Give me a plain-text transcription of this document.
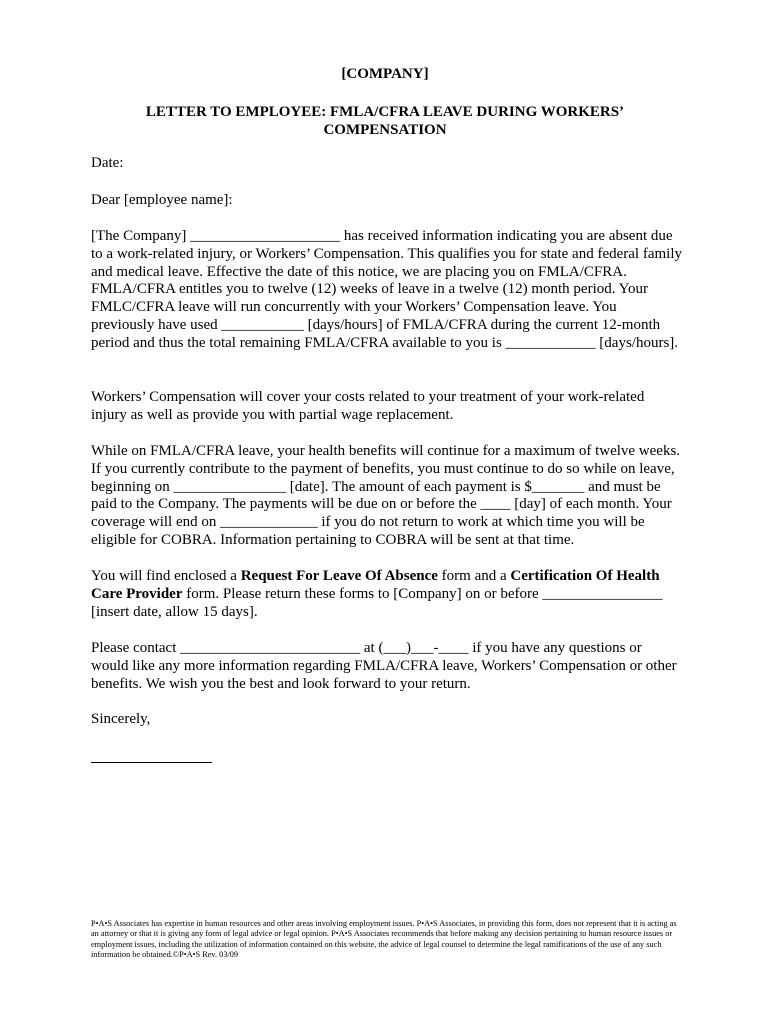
[COMPANY]
LETTER TO EMPLOYEE: FMLA/CFRA LEAVE DURING WORKERS’ COMPENSATION

Date:

Dear [employee name]:

[The Company] ____________________ has received information indicating you are absent due to a work-related injury, or Workers’ Compensation. This qualifies you for state and federal family and medical leave. Effective the date of this notice, we are placing you on FMLA/CFRA. FMLA/CFRA entitles you to twelve (12) weeks of leave in a twelve (12) month period. Your FMLC/CFRA leave will run concurrently with your Workers’ Compensation leave. You previously have used ___________ [days/hours] of FMLA/CFRA during the current 12-month period and thus the total remaining FMLA/CFRA available to you is ____________ [days/hours].

Workers’ Compensation will cover your costs related to your treatment of your work-related injury as well as provide you with partial wage replacement.

While on FMLA/CFRA leave, your health benefits will continue for a maximum of twelve weeks. If you currently contribute to the payment of benefits, you must continue to do so while on leave, beginning on _______________ [date]. The amount of each payment is $_______ and must be paid to the Company. The payments will be due on or before the ____ [day] of each month. Your coverage will end on _____________ if you do not return to work at which time you will be eligible for COBRA. Information pertaining to COBRA will be sent at that time.

You will find enclosed a Request For Leave Of Absence form and a Certification Of Health Care Provider form. Please return these forms to [Company] on or before ________________ [insert date, allow 15 days].

Please contact ________________________ at (___)___-____ if you have any questions or would like any more information regarding FMLA/CFRA leave, Workers’ Compensation or other benefits. We wish you the best and look forward to your return.

Sincerely,

P•A•S Associates has expertise in human resources and other areas involving employment issues. P•A•S Associates, in providing this form, does not represent that it is acting as an attorney or that it is giving any form of legal advice or legal opinion. P•A•S Associates recommends that before making any decision pertaining to human resource issues or employment issues, including the utilization of information contained on this website, the advice of legal counsel to determine the legal ramifications of the use of any such information be obtained.©P•A•S Rev. 03/09
